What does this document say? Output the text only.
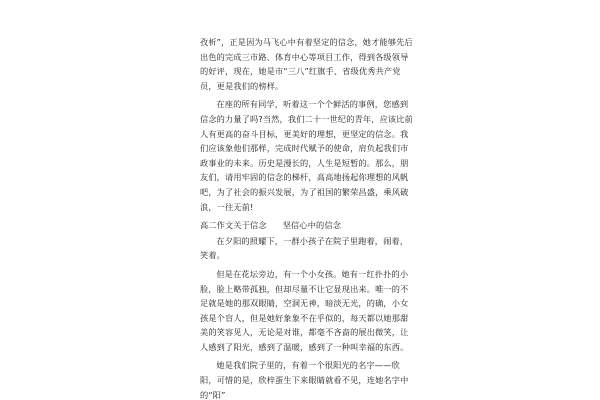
孜析”，正是因为马飞心中有着坚定的信念，她才能够先后出色的完成三市路、体育中心等项目工作，得到各级领导的好评，现在，她是市“三八”红旗手、省级优秀共产党员，更是我们的榜样。

在座的所有同学，听着这一个个鲜活的事例，您感到信念的力量了吗?当然，我们二十一世纪的青年，应该比前人有更高的奋斗目标，更美好的理想，更坚定的信念。我们应该象他们那样，完成时代赋予的使命，肩负起我们市政事业的未来。历史是漫长的，人生是短暂的。那么，朋友们，请用牢固的信念的梯杆，高高地扬起你理想的风帆吧，为了社会的振兴发展，为了祖国的繁荣昌盛，乘风破浪，一往无前!

高二作文关于信念 坚信心中的信念

在夕阳的照耀下，一群小孩子在院子里跑着，闹着，笑着。

但是在花坛旁边，有一个小女孩。她有一红扑扑的小脸，脸上略带孤独，但却尽量不让它显现出来。唯一的不足就是她的那双眼睛，空洞无神，暗淡无光，的确，小女孩是个盲人，但是她好象象不在乎似的，每天都以她那甜美的笑容见人，无论是对谁，都毫不吝啬的展出微笑，让人感到了阳光，感到了温暖，感到了一种叫幸福的东西。

她是我们院子里的，有着一个很阳光的名字——欣阳，可惜的是，欣梓蛋生下来眼睛就看不见，连她名字中的“阳”
